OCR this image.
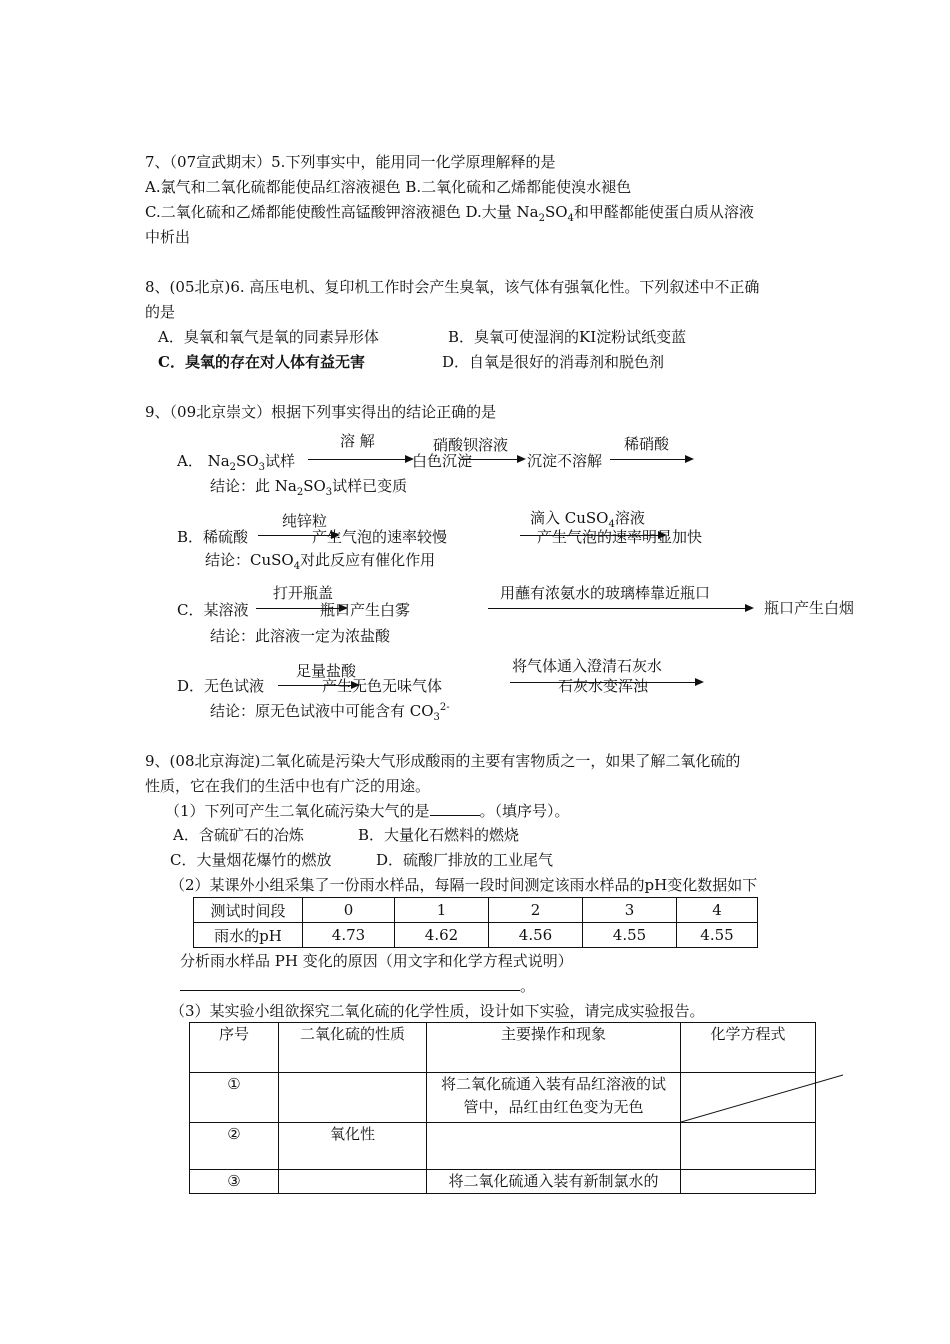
7、（07宣武期末）5.下列事实中，能用同一化学原理解释的是
A.氯气和二氧化硫都能使品红溶液褪色 B.二氧化硫和乙烯都能使溴水褪色
C.二氧化硫和乙烯都能使酸性高锰酸钾溶液褪色 D.大量 $Na_2SO_4$和甲醛都能使蛋白质从溶液
中析出
8、(05北京)6. 高压电机、复印机工作时会产生臭氧，该气体有强氧化性。下列叙述中不正确
的是
A．臭氧和氧气是氧的同素异形体	B．臭氧可使湿润的KI淀粉试纸变蓝
C．臭氧的存在对人体有益无害	D．自氧是很好的消毒剂和脱色剂
9、（09北京崇文）根据下列事实得出的结论正确的是
A． $Na_2SO_3$试样
溶 解
白色沉淀
硝酸钡溶液
沉淀不溶解
稀硝酸
结论：此 $Na_2SO_3$试样已变质
B．稀硫酸
纯锌粒
产生气泡的速率较慢
滴入 CuSO$_4$溶液
产生气泡的速率明显加快
结论：CuSO$_4$对此反应有催化作用
C．某溶液
打开瓶盖
瓶口产生白雾
用蘸有浓氨水的玻璃棒靠近瓶口
瓶口产生白烟
结论：此溶液一定为浓盐酸
D．无色试液
足量盐酸
产生无色无味气体
将气体通入澄清石灰水
石灰水变浑浊
结论：原无色试液中可能含有 $CO_3^{2-}$
9、(08北京海淀)二氧化硫是污染大气形成酸雨的主要有害物质之一，如果了解二氧化硫的
性质，它在我们的生活中也有广泛的用途。
（1）下列可产生二氧化硫污染大气的是	。（填序号）。
A．含硫矿石的冶炼	B．大量化石燃料的燃烧
C．大量烟花爆竹的燃放	D．硫酸厂排放的工业尾气
（2）某课外小组采集了一份雨水样品，每隔一段时间测定该雨水样品的pH变化数据如下
测试时间段	0	1	2	3	4
雨水的pH	4.73	4.62	4.56	4.55	4.55
分析雨水样品 PH 变化的原因（用文字和化学方程式说明）
。
（3）某实验小组欲探究二氧化硫的化学性质，设计如下实验，请完成实验报告。
序号	二氧化硫的性质	主要操作和现象	化学方程式
①		将二氧化硫通入装有品红溶液的试管中，品红由红色变为无色	

②	氧化性		
③		将二氧化硫通入装有新制氯水的	
